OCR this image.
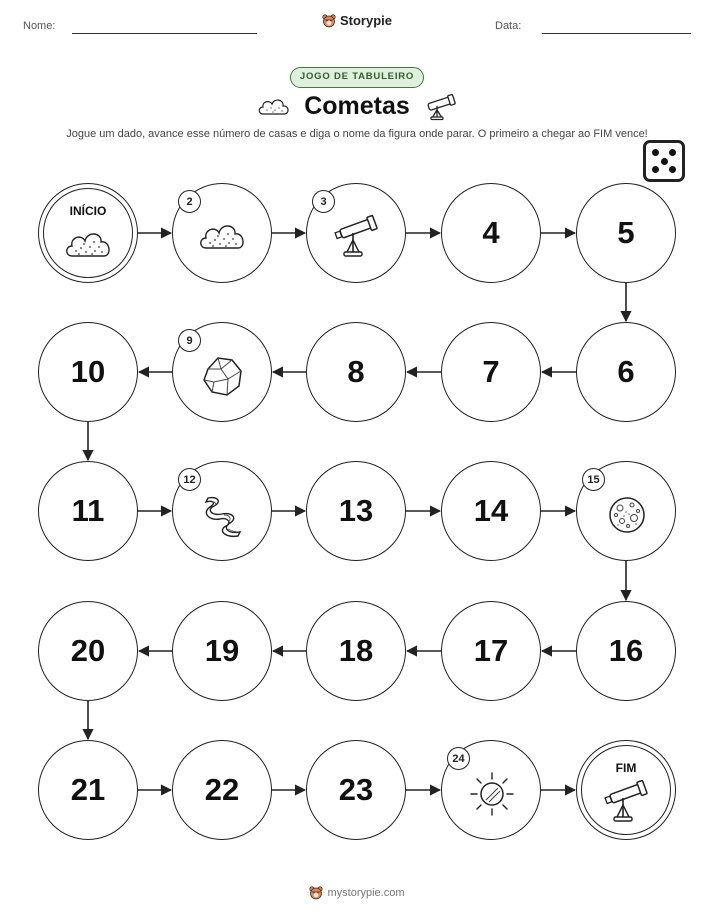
Nome:	Storypie	Data:
JOGO DE TABULEIRO
Cometas
Jogue um dado, avance esse número de casas e diga o nome da figura onde parar. O primeiro a chegar ao FIM vence!
INÍCIO
2	3
4	5
6
7
8
9
10
11
12
13	14
15
16
17
18
19
20
21	22	23
24
FIM
mystorypie.com
